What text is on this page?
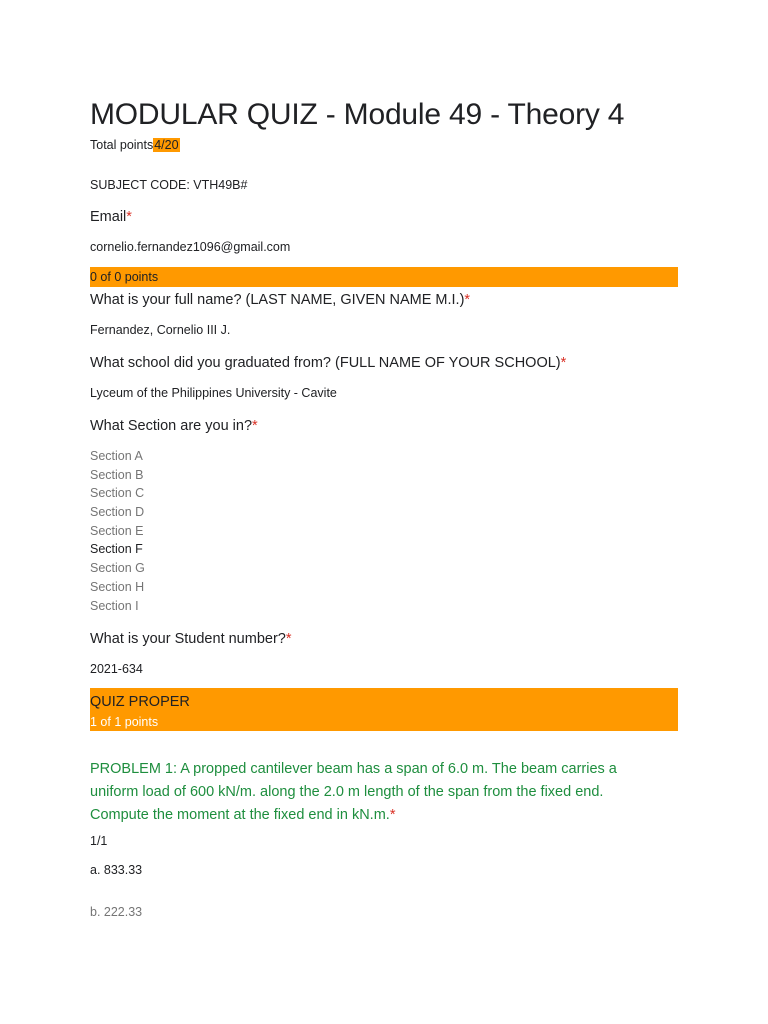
MODULAR QUIZ - Module 49 - Theory 4
Total points4/20
SUBJECT CODE: VTH49B#
Email*
cornelio.fernandez1096@gmail.com
0 of 0 points
What is your full name? (LAST NAME, GIVEN NAME M.I.)*
Fernandez, Cornelio III J.
What school did you graduated from? (FULL NAME OF YOUR SCHOOL)*
Lyceum of the Philippines University - Cavite
What Section are you in?*
Section A
Section B
Section C
Section D
Section E
Section F
Section G
Section H
Section I
What is your Student number?*
2021-634
QUIZ PROPER
1 of 1 points
PROBLEM 1: A propped cantilever beam has a span of 6.0 m. The beam carries a uniform load of 600 kN/m. along the 2.0 m length of the span from the fixed end. Compute the moment at the fixed end in kN.m.*
1/1
a. 833.33
b. 222.33
